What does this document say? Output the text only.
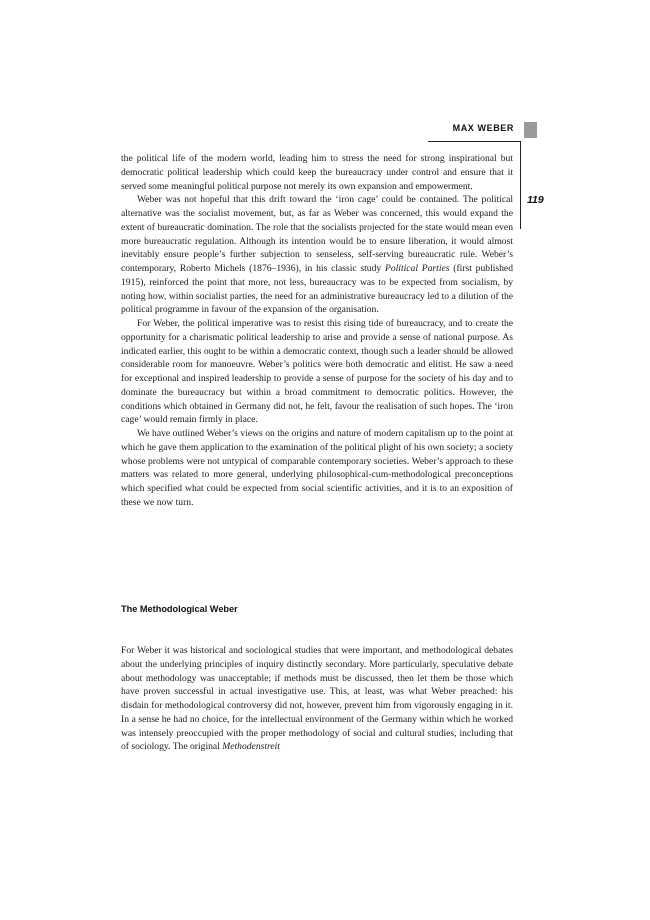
MAX WEBER
119

the political life of the modern world, leading him to stress the need for strong inspirational but democratic political leadership which could keep the bureaucracy under control and ensure that it served some meaningful political purpose not merely its own expansion and empowerment.

Weber was not hopeful that this drift toward the ‘iron cage’ could be contained. The political alternative was the socialist movement, but, as far as Weber was concerned, this would expand the extent of bureaucratic domination. The role that the socialists projected for the state would mean even more bureaucratic regulation. Although its intention would be to ensure liberation, it would almost inevitably ensure people’s further subjection to senseless, self-serving bureaucratic rule. Weber’s contemporary, Roberto Michels (1876–1936), in his classic study Political Parties (first published 1915), reinforced the point that more, not less, bureaucracy was to be expected from socialism, by noting how, within socialist parties, the need for an administrative bureaucracy led to a dilution of the political programme in favour of the expansion of the organisation.

For Weber, the political imperative was to resist this rising tide of bureaucracy, and to create the opportunity for a charismatic political leadership to arise and provide a sense of national purpose. As indicated earlier, this ought to be within a democratic context, though such a leader should be allowed considerable room for manoeuvre. Weber’s politics were both democratic and elitist. He saw a need for exceptional and inspired leadership to provide a sense of purpose for the society of his day and to dominate the bureaucracy but within a broad commitment to democratic politics. However, the conditions which obtained in Germany did not, he felt, favour the realisation of such hopes. The ‘iron cage’ would remain firmly in place.

We have outlined Weber’s views on the origins and nature of modern capitalism up to the point at which he gave them application to the examination of the political plight of his own society; a society whose problems were not untypical of comparable contemporary societies. Weber’s approach to these matters was related to more general, underlying philosophical-cum-methodological preconceptions which specified what could be expected from social scientific activities, and it is to an exposition of these we now turn.

The Methodological Weber

For Weber it was historical and sociological studies that were important, and methodological debates about the underlying principles of inquiry distinctly secondary. More particularly, speculative debate about methodology was unacceptable; if methods must be discussed, then let them be those which have proven successful in actual investigative use. This, at least, was what Weber preached: his disdain for methodological controversy did not, however, prevent him from vigorously engaging in it. In a sense he had no choice, for the intellectual environment of the Germany within which he worked was intensely preoccupied with the proper methodology of social and cultural studies, including that of sociology. The original Methodenstreit
